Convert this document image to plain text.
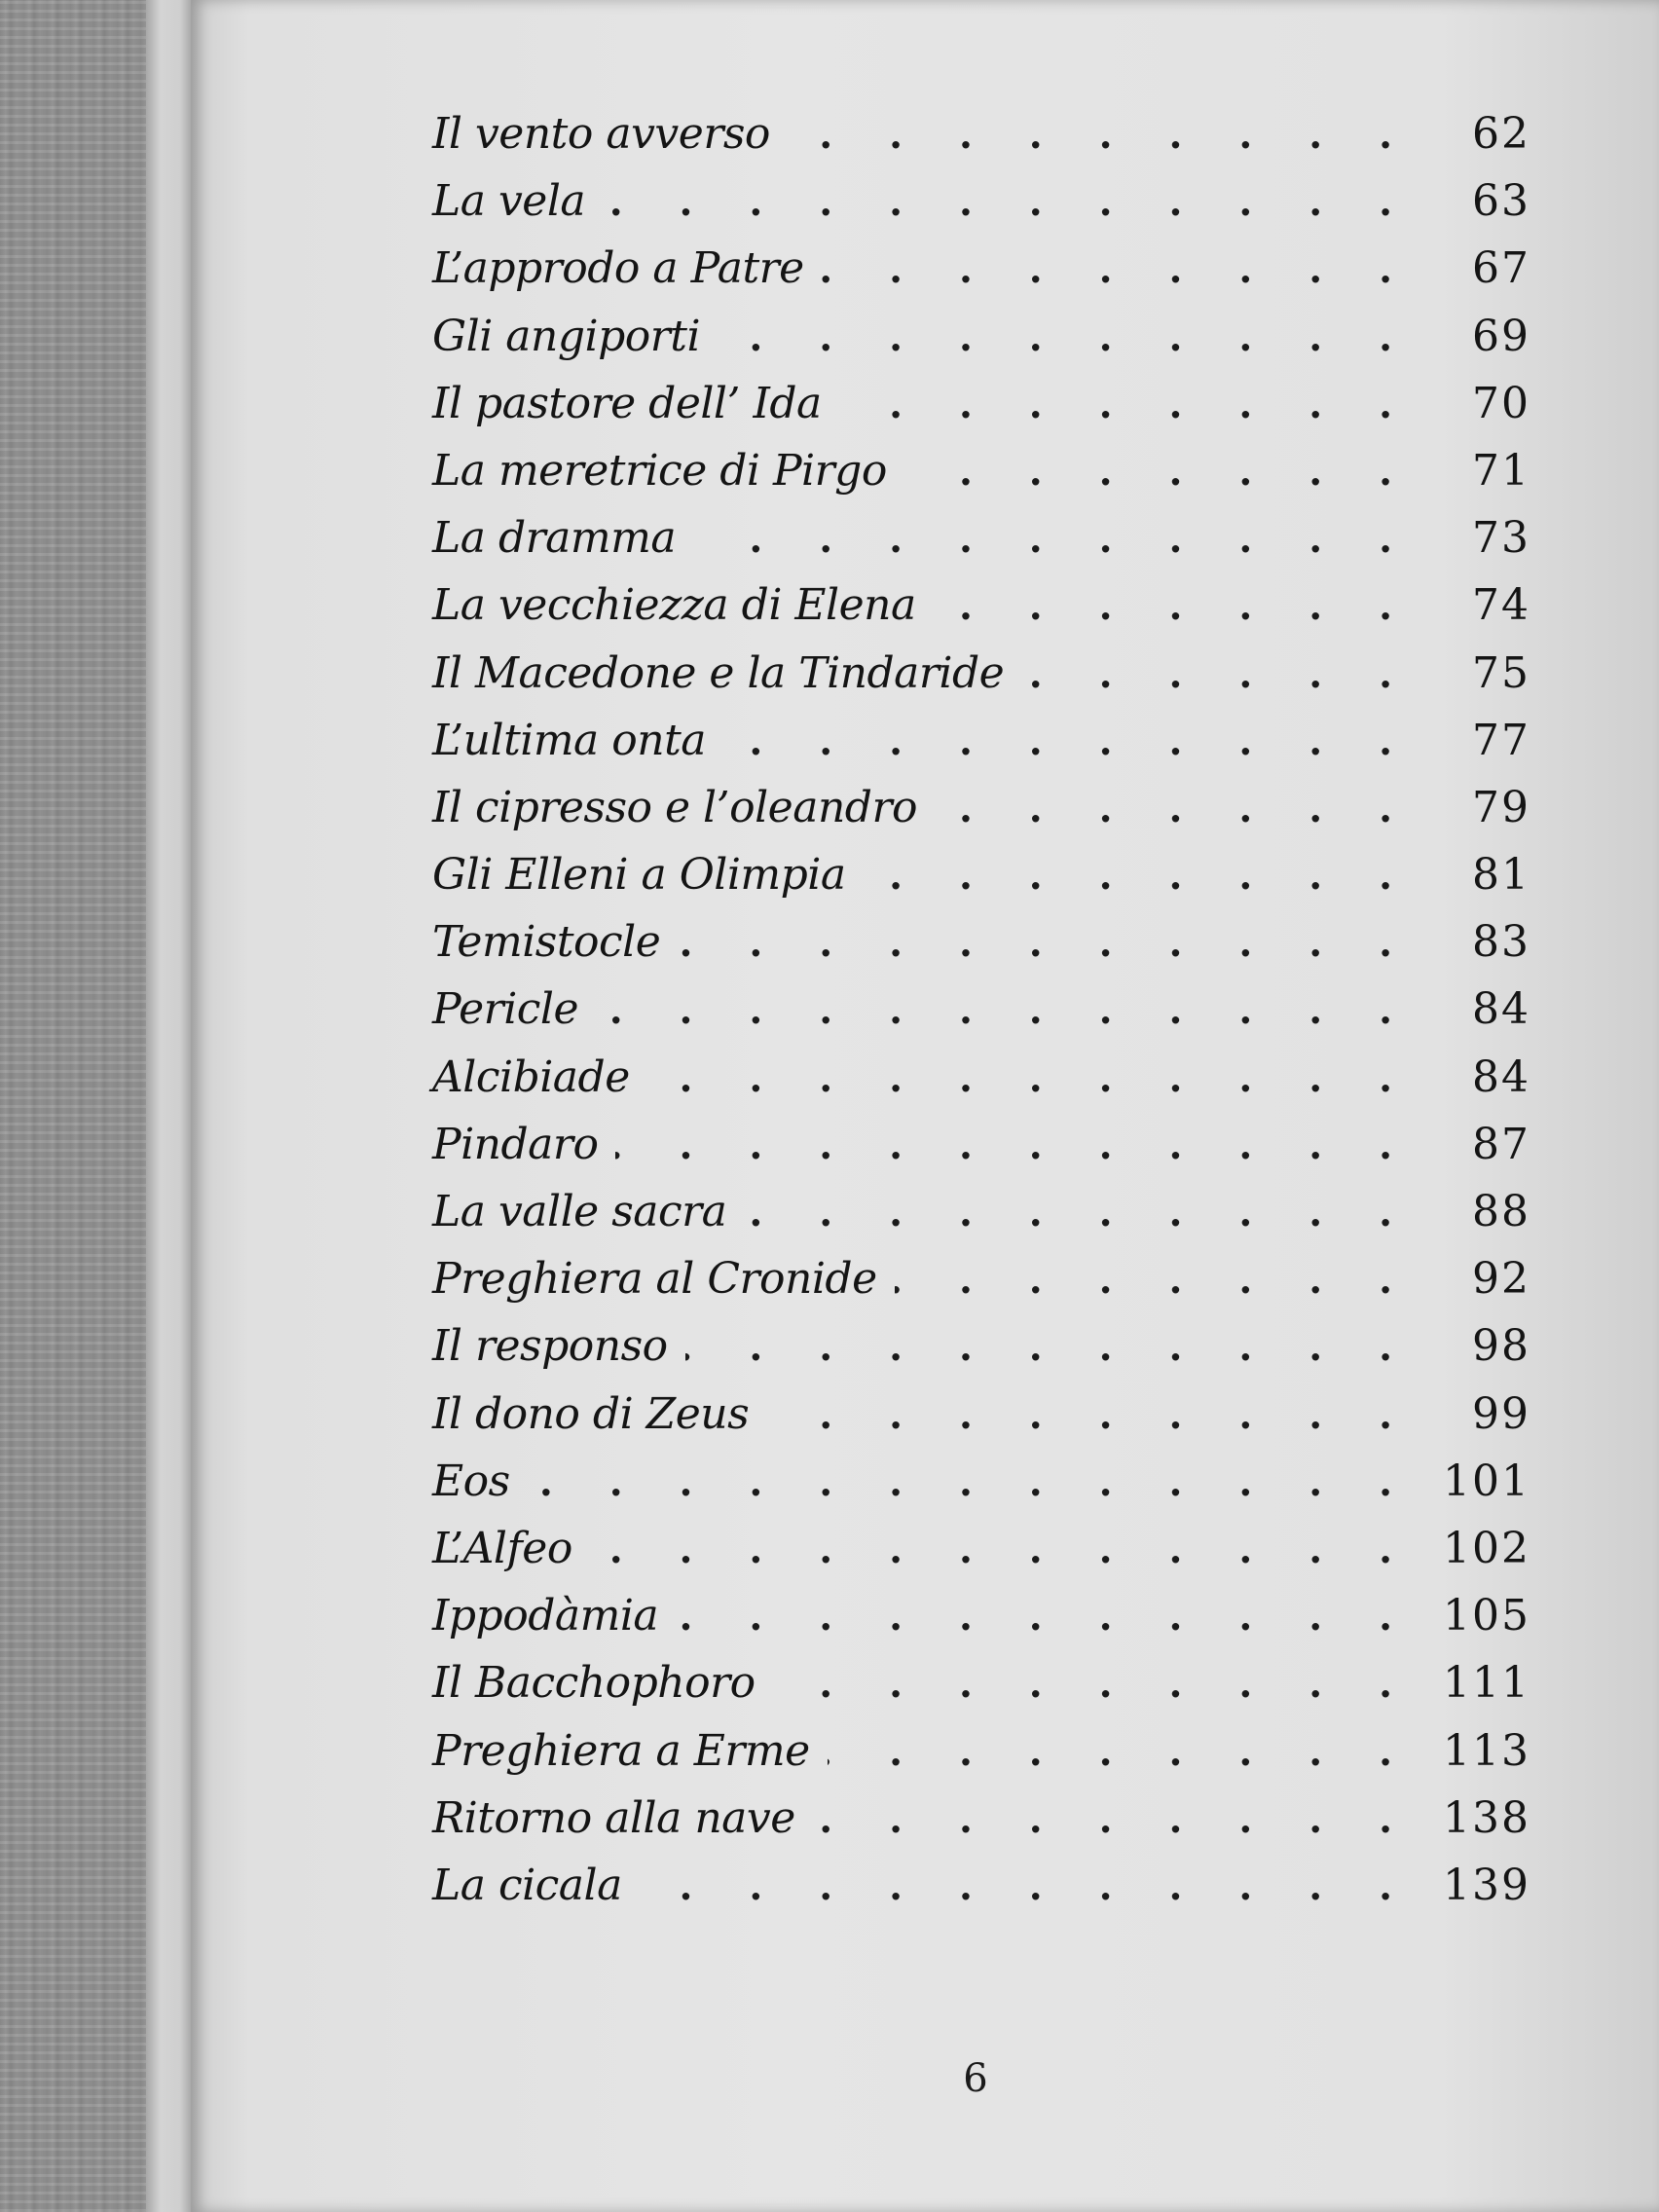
Il vento avverso . . .	62
La vela . . .	63
L’approdo a Patre . . .	67
Gli angiporti . . .	69
Il pastore dell’ Ida . . .	70
La meretrice di Pirgo . . .	71
La dramma . . .	73
La vecchiezza di Elena . . .	74
Il Macedone e la Tindaride . . .	75
L’ultima onta . . .	77
Il cipresso e l’oleandro . . .	79
Gli Elleni a Olimpia . . .	81
Temistocle . . .	83
Pericle . . .	84
Alcibiade . . .	84
Pindaro . . .	87
La valle sacra . . .	88
Preghiera al Cronide . . .	92
Il responso . . .	98
Il dono di Zeus . . .	99
Eos . . .	101
L’Alfeo . . .	102
Ippodàmia . . .	105
Il Bacchophoro . . .	111
Preghiera a Erme . . .	113
Ritorno alla nave . . .	138
La cicala . . .	139
6
